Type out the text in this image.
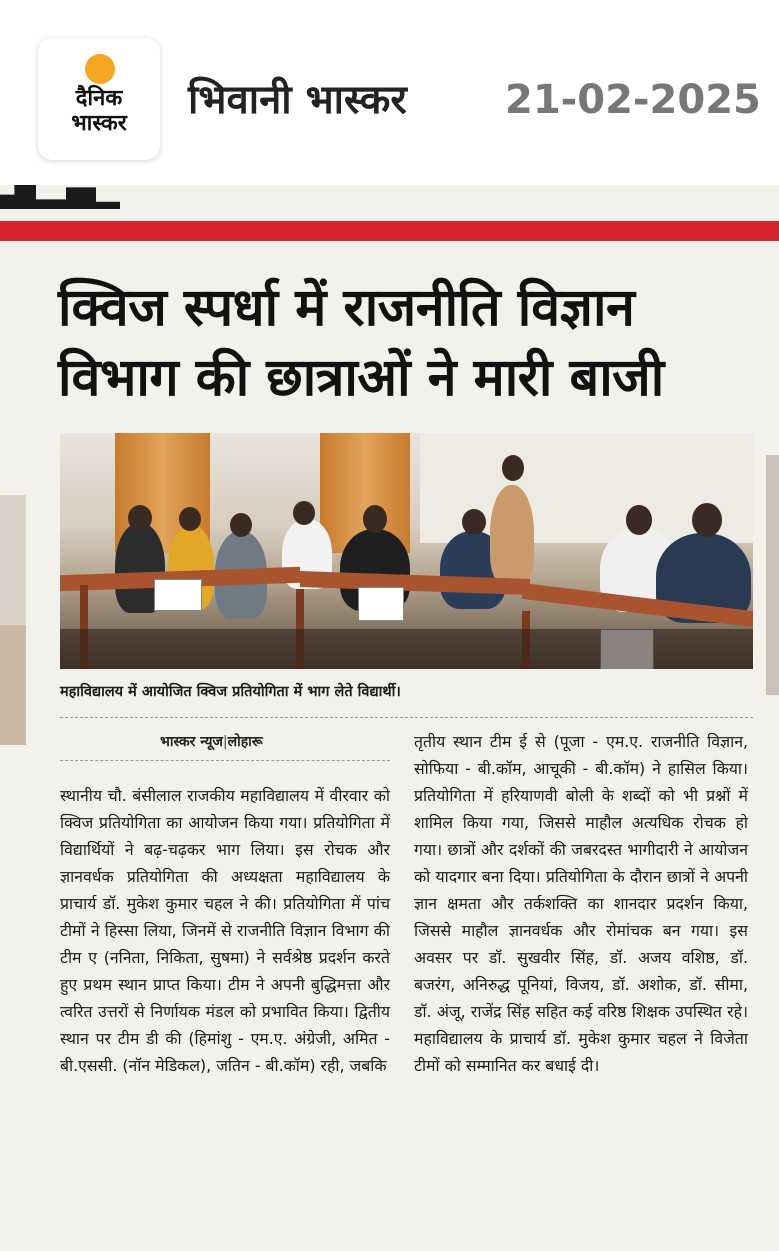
दैनिक
भास्कर
भिवानी भास्कर 21-02-2025
क्विज स्पर्धा में राजनीति विज्ञान
विभाग की छात्राओं ने मारी बाजी
महाविद्यालय में आयोजित क्विज प्रतियोगिता में भाग लेते विद्यार्थी।
भास्कर न्यूज|लोहारू

स्थानीय चौ. बंसीलाल राजकीय महाविद्यालय में वीरवार को क्विज प्रतियोगिता का आयोजन किया गया। प्रतियोगिता में विद्यार्थियों ने बढ़-चढ़कर भाग लिया। इस रोचक और ज्ञानवर्धक प्रतियोगिता की अध्यक्षता महाविद्यालय के प्राचार्य डॉ. मुकेश कुमार चहल ने की। प्रतियोगिता में पांच टीमों ने हिस्सा लिया, जिनमें से राजनीति विज्ञान विभाग की टीम ए (ननिता, निकिता, सुषमा) ने सर्वश्रेष्ठ प्रदर्शन करते हुए प्रथम स्थान प्राप्त किया। टीम ने अपनी बुद्धिमत्ता और त्वरित उत्तरों से निर्णायक मंडल को प्रभावित किया। द्वितीय स्थान पर टीम डी की (हिमांशु - एम.ए. अंग्रेजी, अमित - बी.एससी. (नॉन मेडिकल), जतिन - बी.कॉम) रही, जबकि

तृतीय स्थान टीम ई से (पूजा - एम.ए. राजनीति विज्ञान, सोफिया - बी.कॉम, आचूकी - बी.कॉम) ने हासिल किया। प्रतियोगिता में हरियाणवी बोली के शब्दों को भी प्रश्नों में शामिल किया गया, जिससे माहौल अत्यधिक रोचक हो गया। छात्रों और दर्शकों की जबरदस्त भागीदारी ने आयोजन को यादगार बना दिया। प्रतियोगिता के दौरान छात्रों ने अपनी ज्ञान क्षमता और तर्कशक्ति का शानदार प्रदर्शन किया, जिससे माहौल ज्ञानवर्धक और रोमांचक बन गया। इस अवसर पर डॉ. सुखवीर सिंह, डॉ. अजय वशिष्ठ, डॉ. बजरंग, अनिरुद्ध पूनियां, विजय, डॉ. अशोक, डॉ. सीमा, डॉ. अंजू, राजेंद्र सिंह सहित कई वरिष्ठ शिक्षक उपस्थित रहे। महाविद्यालय के प्राचार्य डॉ. मुकेश कुमार चहल ने विजेता टीमों को सम्मानित कर बधाई दी।
